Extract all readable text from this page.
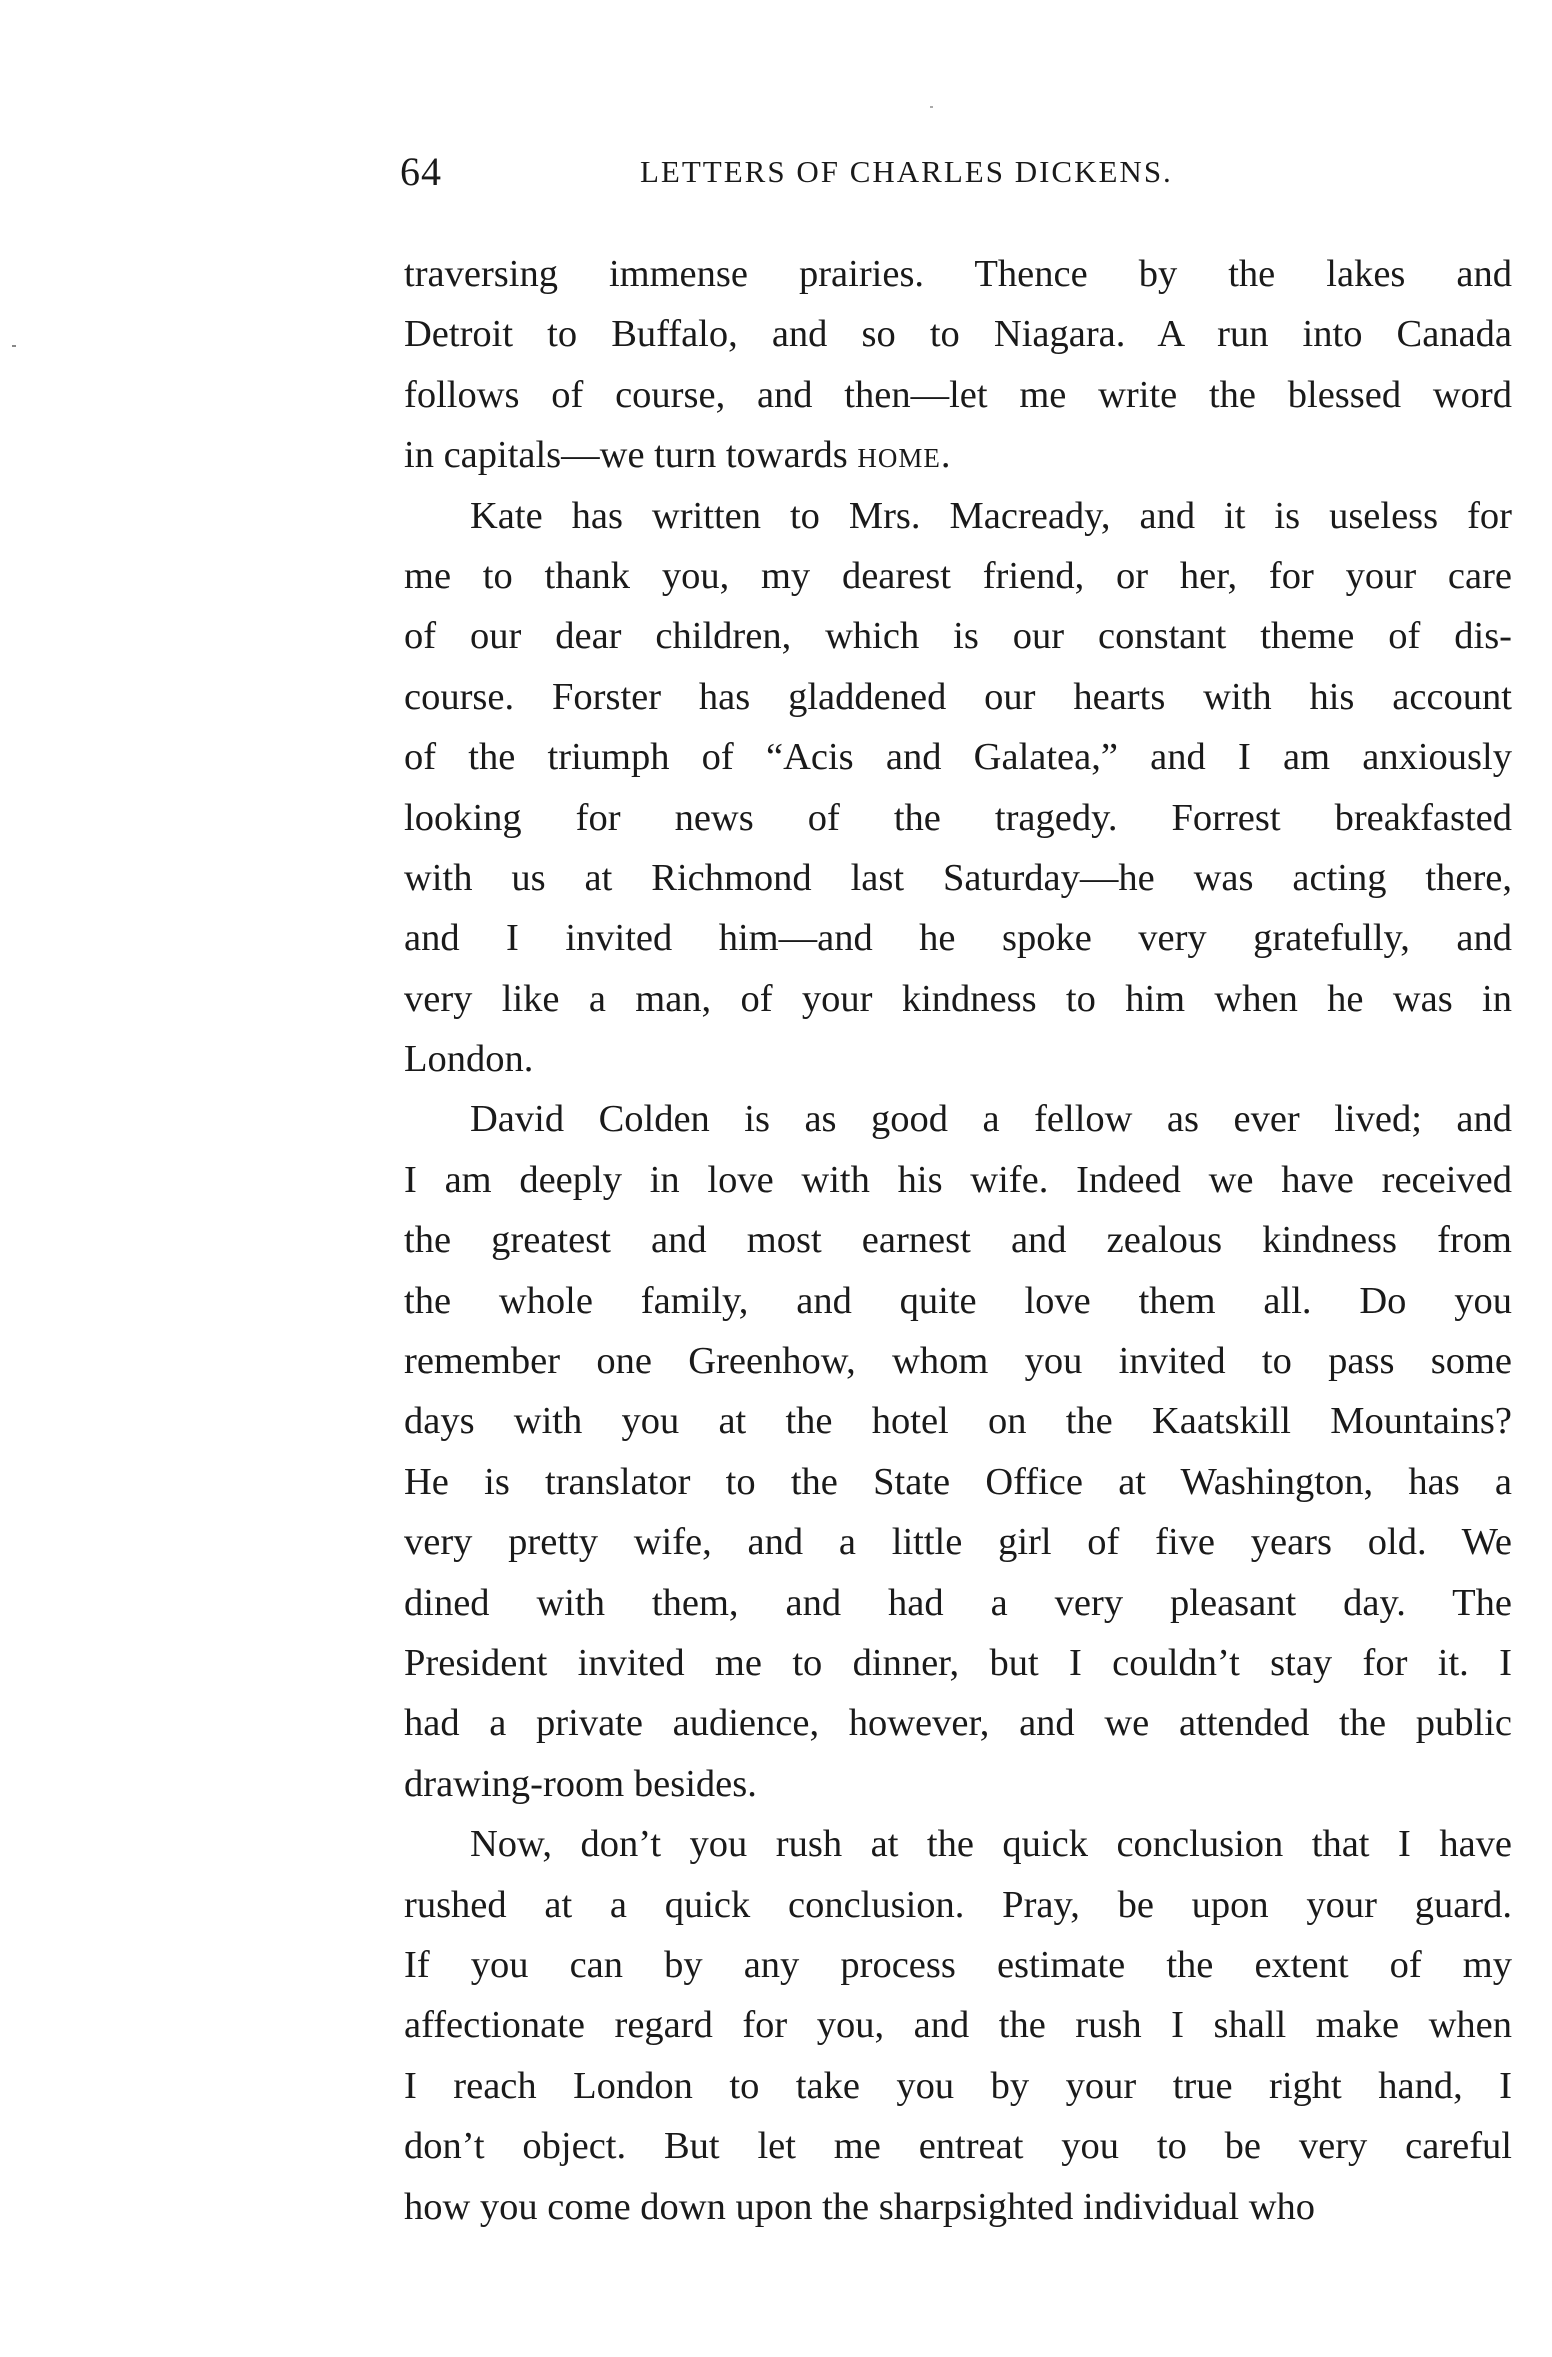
64	LETTERS OF CHARLES DICKENS.
traversing immense prairies. Thence by the lakes and
Detroit to Buffalo, and so to Niagara. A run into Canada
follows of course, and then—let me write the blessed word
in capitals—we turn towards home.
Kate has written to Mrs. Macready, and it is useless for
me to thank you, my dearest friend, or her, for your care
of our dear children, which is our constant theme of dis-
course. Forster has gladdened our hearts with his account
of the triumph of “Acis and Galatea,” and I am anxiously
looking for news of the tragedy. Forrest breakfasted
with us at Richmond last Saturday—he was acting there,
and I invited him—and he spoke very gratefully, and
very like a man, of your kindness to him when he was in
London.
David Colden is as good a fellow as ever lived; and
I am deeply in love with his wife. Indeed we have received
the greatest and most earnest and zealous kindness from
the whole family, and quite love them all. Do you
remember one Greenhow, whom you invited to pass some
days with you at the hotel on the Kaatskill Mountains?
He is translator to the State Office at Washington, has a
very pretty wife, and a little girl of five years old. We
dined with them, and had a very pleasant day. The
President invited me to dinner, but I couldn’t stay for it. I
had a private audience, however, and we attended the public
drawing-room besides.
Now, don’t you rush at the quick conclusion that I have
rushed at a quick conclusion. Pray, be upon your guard.
If you can by any process estimate the extent of my
affectionate regard for you, and the rush I shall make when
I reach London to take you by your true right hand, I
don’t object. But let me entreat you to be very careful
how you come down upon the sharpsighted individual who
